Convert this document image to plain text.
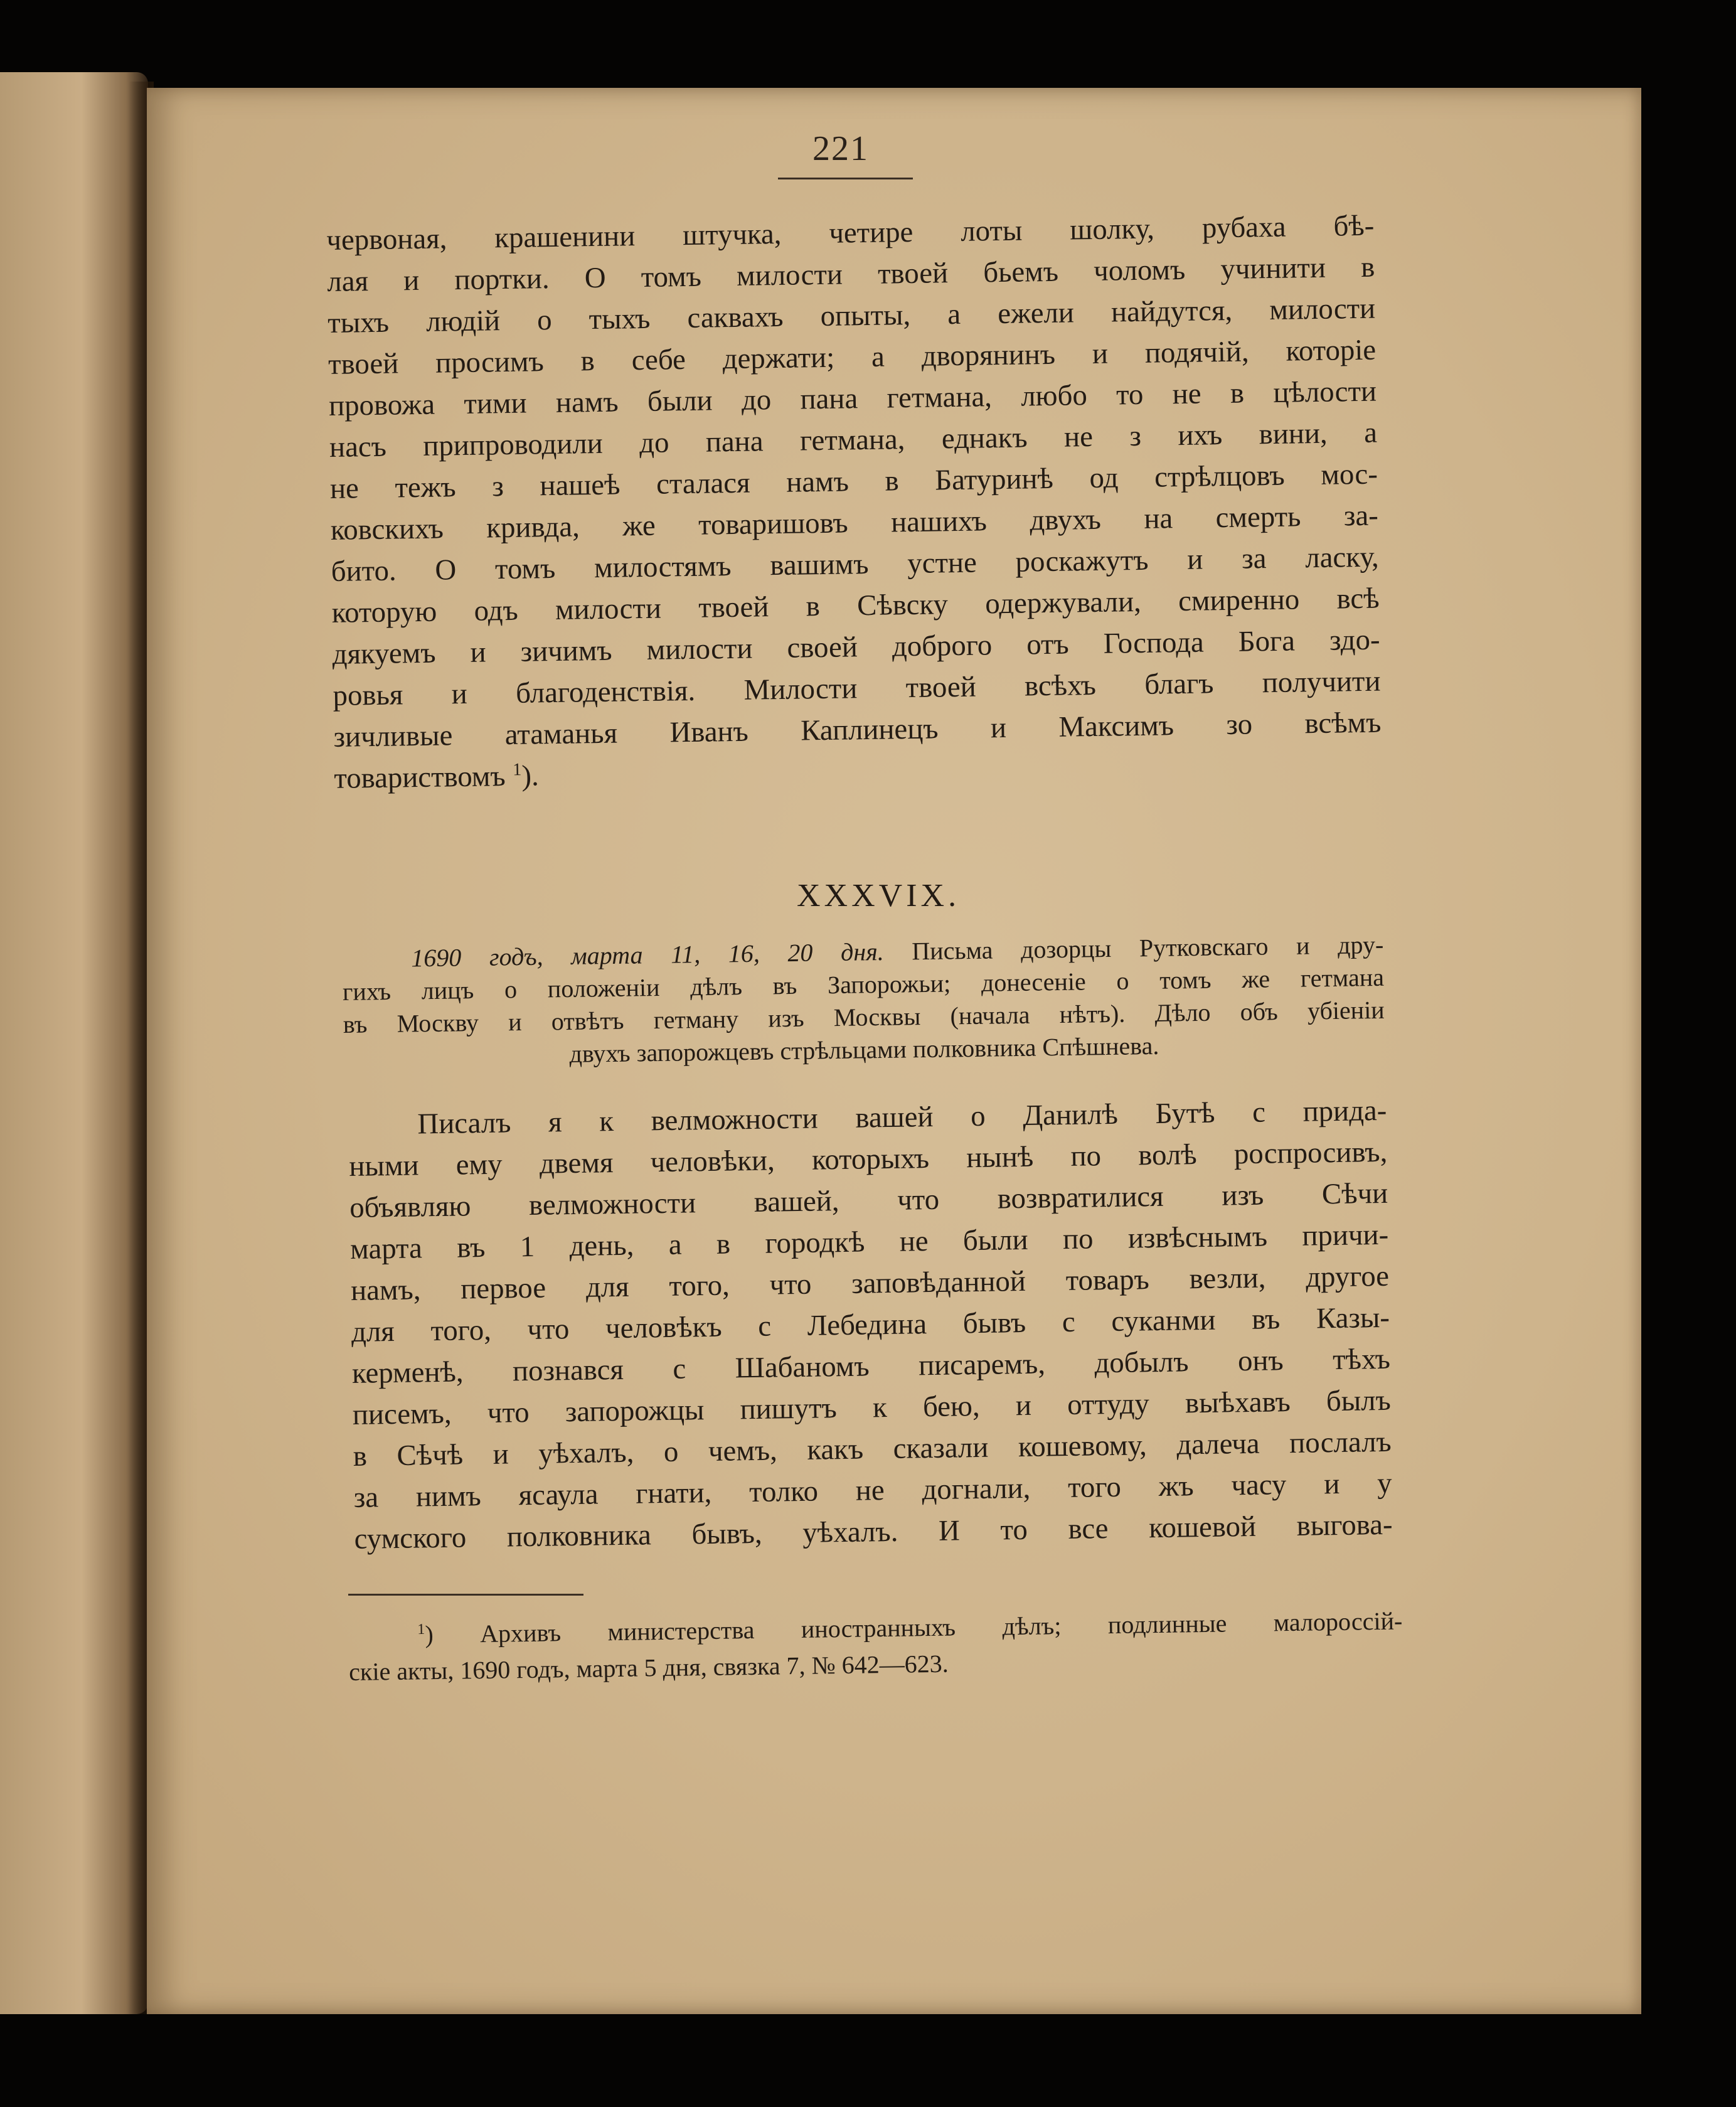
221
червоная, крашенини штучка, четире лоты шолку, рубаха бѣ-
лая и портки. О томъ милости твоей бьемъ чоломъ учинити в
тыхъ людій о тыхъ саквахъ опыты, а ежели найдутся, милости
твоей просимъ в себе держати; а дворянинъ и подячій, которіе
провожа тими намъ были до пана гетмана, любо то не в цѣлости
насъ припроводили до пана гетмана, еднакъ не з ихъ вини, а
не тежъ з нашеѣ сталася намъ в Батуринѣ од стрѣлцовъ мос-
ковскихъ кривда, же товаришовъ нашихъ двухъ на смерть за-
бито. О томъ милостямъ вашимъ устне роскажутъ и за ласку,
которую одъ милости твоей в Сѣвску одержували, смиренно всѣ
дякуемъ и зичимъ милости своей доброго отъ Господа Бога здо-
ровья и благоденствія. Милости твоей всѣхъ благъ получити
зичливые атаманья Иванъ Каплинецъ и Максимъ зо всѣмъ
товариствомъ $^1$).
XXXVIX.
1690 годъ, марта 11, 16, 20 дня. Письма дозорцы Рутковскаго и дру-
гихъ лицъ о положеніи дѣлъ въ Запорожьи; донесеніе о томъ же гетмана
въ Москву и отвѣтъ гетману изъ Москвы (начала нѣтъ). Дѣло объ убіеніи
двухъ запорожцевъ стрѣльцами полковника Спѣшнева.
Писалъ я к велможности вашей о Данилѣ Бутѣ с прида-
ными ему двемя человѣки, которыхъ нынѣ по волѣ роспросивъ,
объявляю велможности вашей, что возвратилися изъ Сѣчи
марта въ 1 день, а в городкѣ не были по извѣснымъ причи-
намъ, первое для того, что заповѣданной товаръ везли, другое
для того, что человѣкъ с Лебедина бывъ с суканми въ Казы-
керменѣ, познався с Шабаномъ писаремъ, добылъ онъ тѣхъ
писемъ, что запорожцы пишутъ к бею, и оттуду выѣхавъ былъ
в Сѣчѣ и уѣхалъ, о чемъ, какъ сказали кошевому, далеча послалъ
за нимъ ясаула гнати, толко не догнали, того жъ часу и у
сумского полковника бывъ, уѣхалъ. И то все кошевой выгова-
$^1$) Архивъ министерства иностранныхъ дѣлъ; подлинные малороссій-
скіе акты, 1690 годъ, марта 5 дня, связка 7, № 642—623.
